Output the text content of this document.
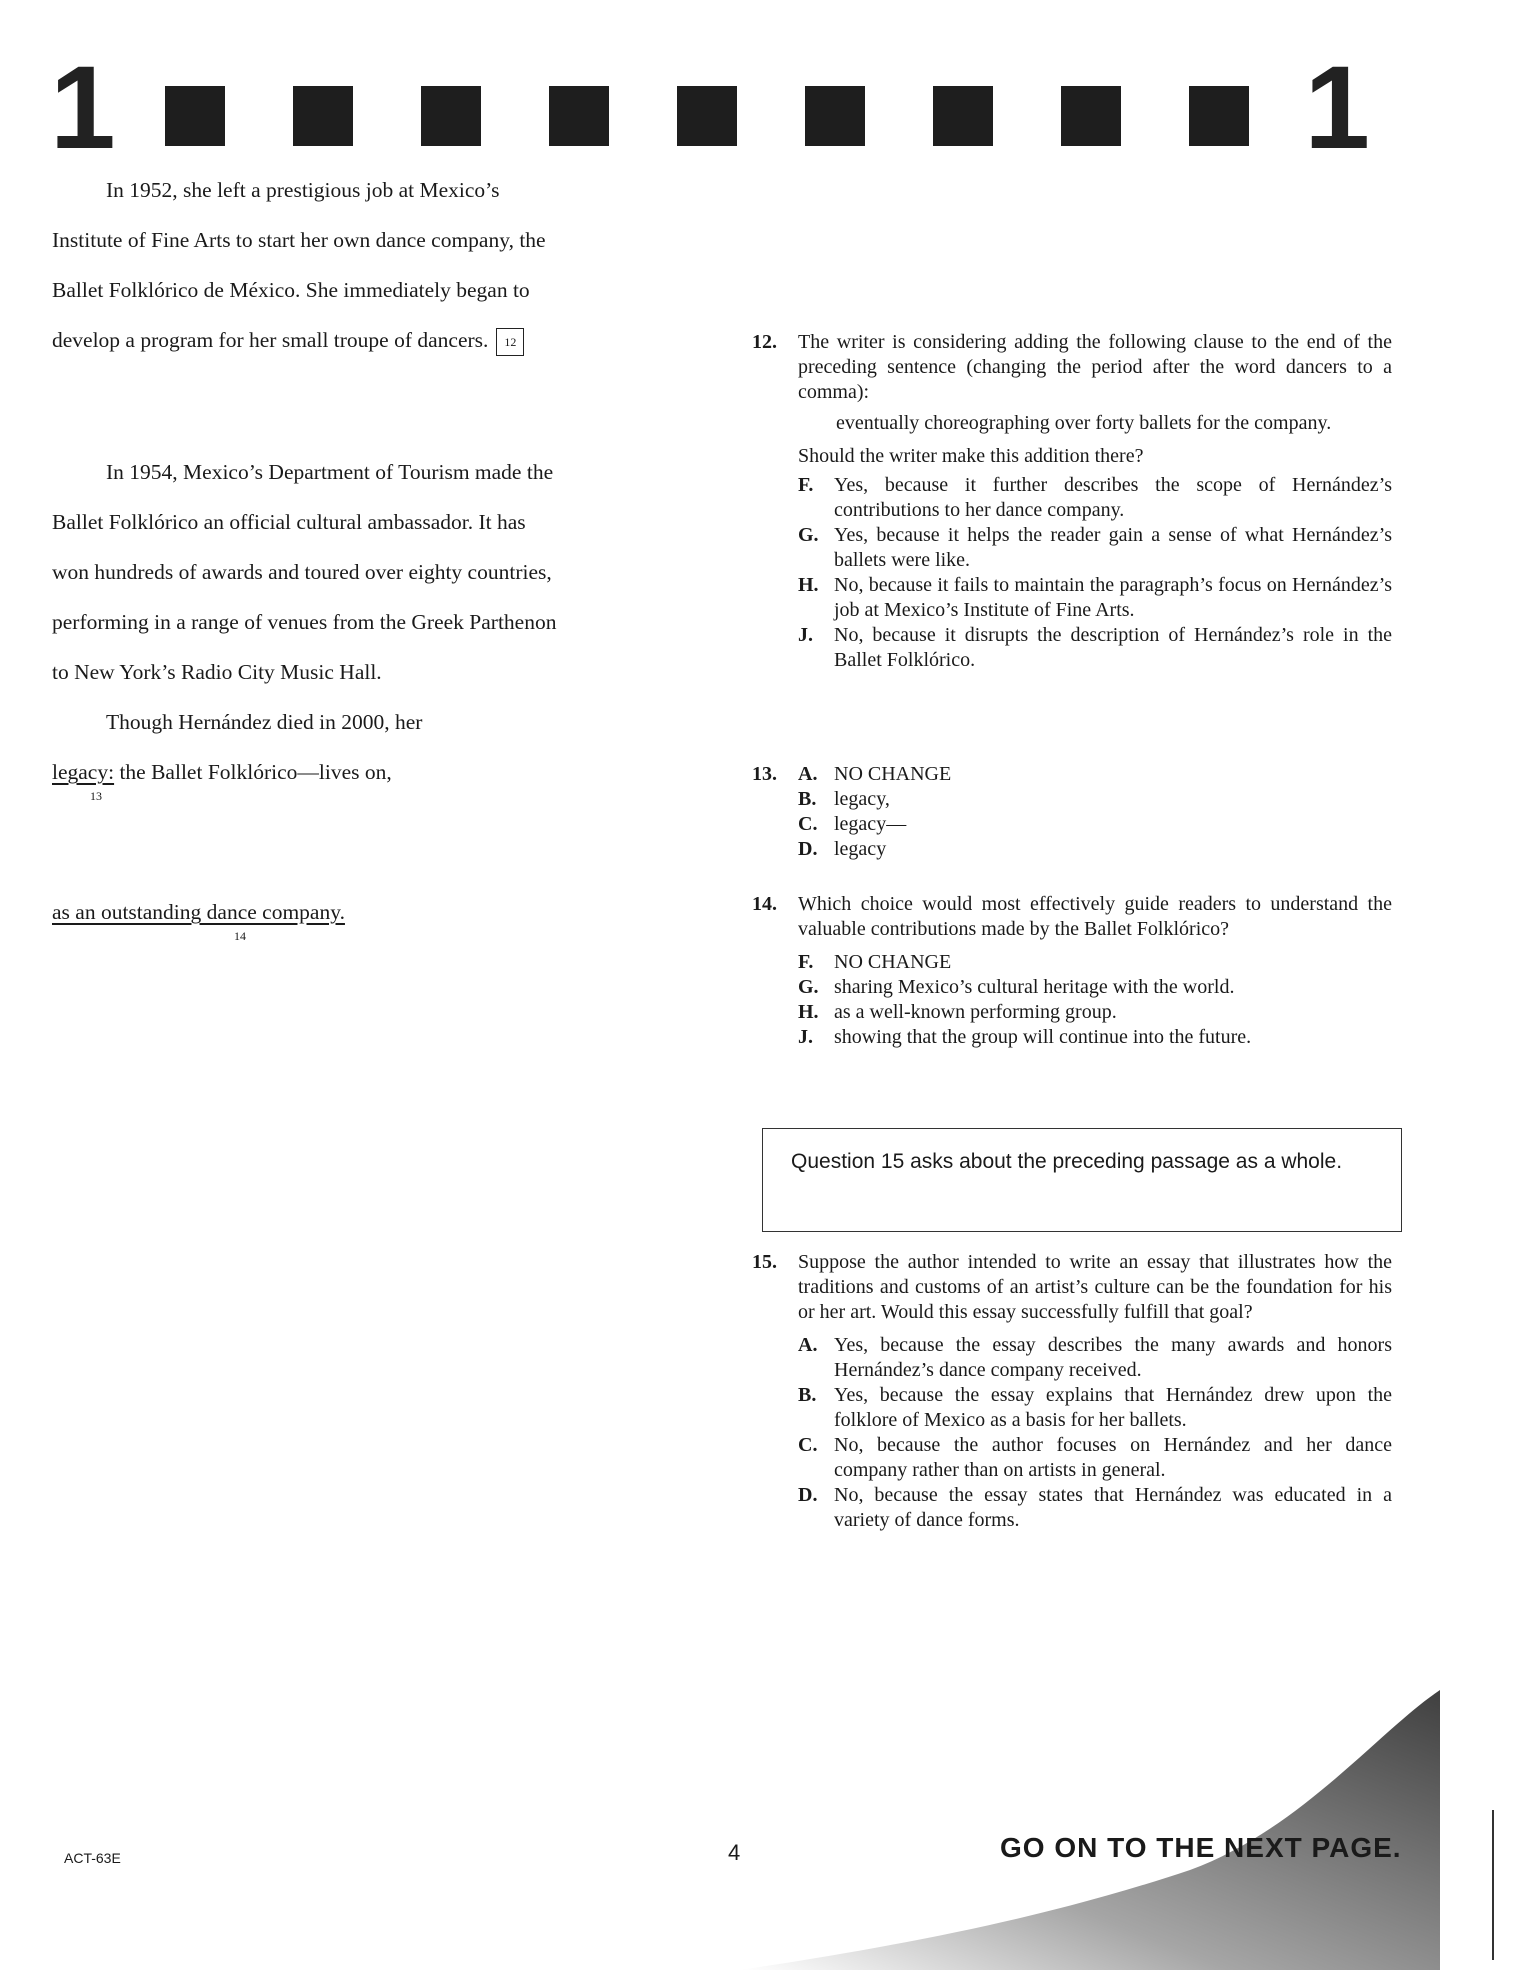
1	1
In 1952, she left a prestigious job at Mexico’s
Institute of Fine Arts to start her own dance company, the
Ballet Folklórico de México. She immediately began to
develop a program for her small troupe of dancers. 12
In 1954, Mexico’s Department of Tourism made the
Ballet Folklórico an official cultural ambassador. It has
won hundreds of awards and toured over eighty countries,
performing in a range of venues from the Greek Parthenon
to New York’s Radio City Music Hall.
Though Hernández died in 2000, her
legacy: the Ballet Folklórico—lives on,
13
as an outstanding dance company.
14
12.	The writer is considering adding the following clause to the end of the preceding sentence (changing the period after the word dancers to a comma):
eventually choreographing over forty ballets for the company.
Should the writer make this addition there?
F.	Yes, because it further describes the scope of Hernández’s contributions to her dance company.
G. Yes, because it helps the reader gain a sense of what Hernández’s ballets were like.
H. No, because it fails to maintain the paragraph’s focus on Hernández’s job at Mexico’s Institute of Fine Arts.
J.	No, because it disrupts the description of Hernández’s role in the Ballet Folklórico.
13.	A. NO CHANGE
B. legacy,
C. legacy—
D. legacy
14.	Which choice would most effectively guide readers to understand the valuable contributions made by the Ballet Folklórico?
F.	NO CHANGE
G. sharing Mexico’s cultural heritage with the world.
H. as a well-known performing group.
J.	showing that the group will continue into the future.
15.	Suppose the author intended to write an essay that illustrates how the traditions and customs of an artist’s culture can be the foundation for his or her art. Would this essay successfully fulfill that goal?
A. Yes, because the essay describes the many awards and honors Hernández’s dance company received.
B. Yes, because the essay explains that Hernández drew upon the folklore of Mexico as a basis for her ballets.
C. No, because the author focuses on Hernández and her dance company rather than on artists in general.
D. No, because the essay states that Hernández was educated in a variety of dance forms.
Question 15 asks about the preceding passage as a whole.
ACT-63E	4	GO ON TO THE NEXT PAGE.
